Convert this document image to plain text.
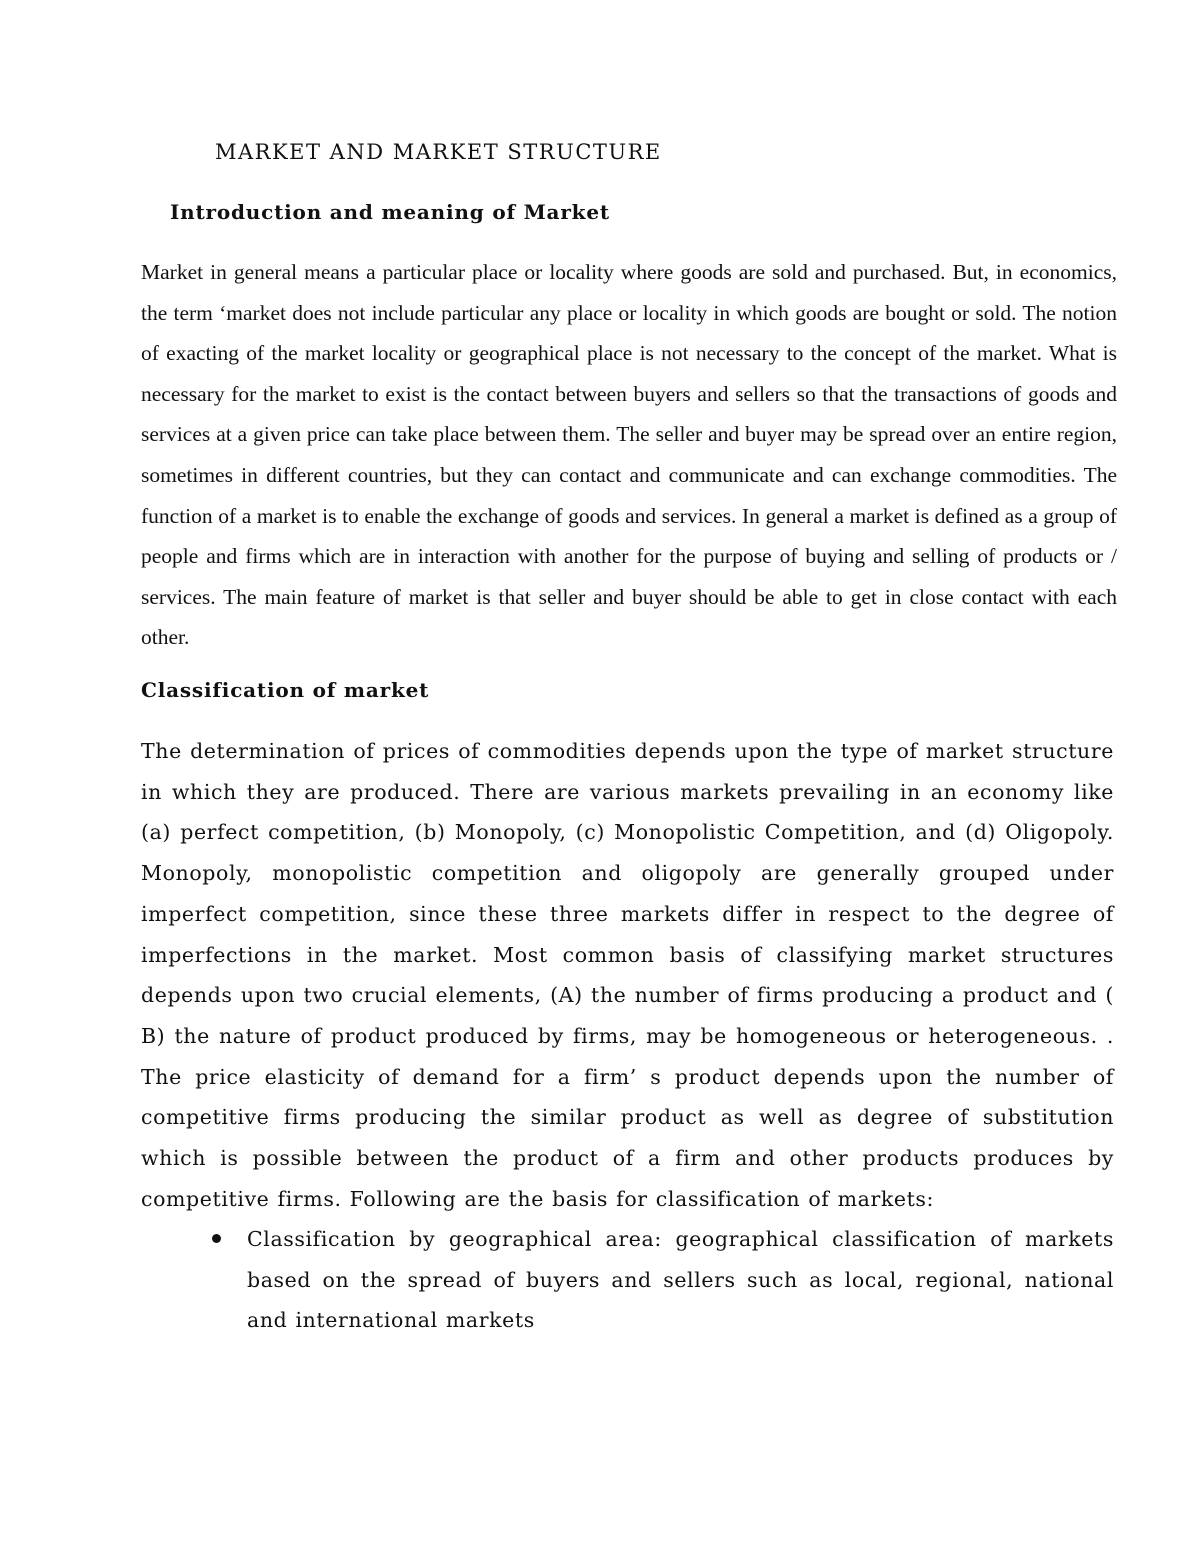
MARKET AND MARKET STRUCTURE
Introduction and meaning of Market

Market in general means a particular place or locality where goods are sold and purchased. But, in economics, the term ‘market does not include particular any place or locality in which goods are bought or sold. The notion of exacting of the market locality or geographical place is not necessary to the concept of the market. What is necessary for the market to exist is the contact between buyers and sellers so that the transactions of goods and services at a given price can take place between them. The seller and buyer may be spread over an entire region, sometimes in different countries, but they can contact and communicate and can exchange commodities. The function of a market is to enable the exchange of goods and services. In general a market is defined as a group of people and firms which are in interaction with another for the purpose of buying and selling of products or / services. The main feature of market is that seller and buyer should be able to get in close contact with each other.

Classification of market

The determination of prices of commodities depends upon the type of market structure in which they are produced. There are various markets prevailing in an economy like (a) perfect competition, (b) Monopoly, (c) Monopolistic Competition, and (d) Oligopoly. Monopoly, monopolistic competition and oligopoly are generally grouped under imperfect competition, since these three markets differ in respect to the degree of imperfections in the market. Most common basis of classifying market structures depends upon two crucial elements, (A) the number of firms producing a product and ( B) the nature of product produced by firms, may be homogeneous or heterogeneous. . The price elasticity of demand for a firm’ s product depends upon the number of competitive firms producing the similar product as well as degree of substitution which is possible between the product of a firm and other products produces by competitive firms. Following are the basis for classification of markets:

Classification by geographical area: geographical classification of markets based on the spread of buyers and sellers such as local, regional, national and international markets
